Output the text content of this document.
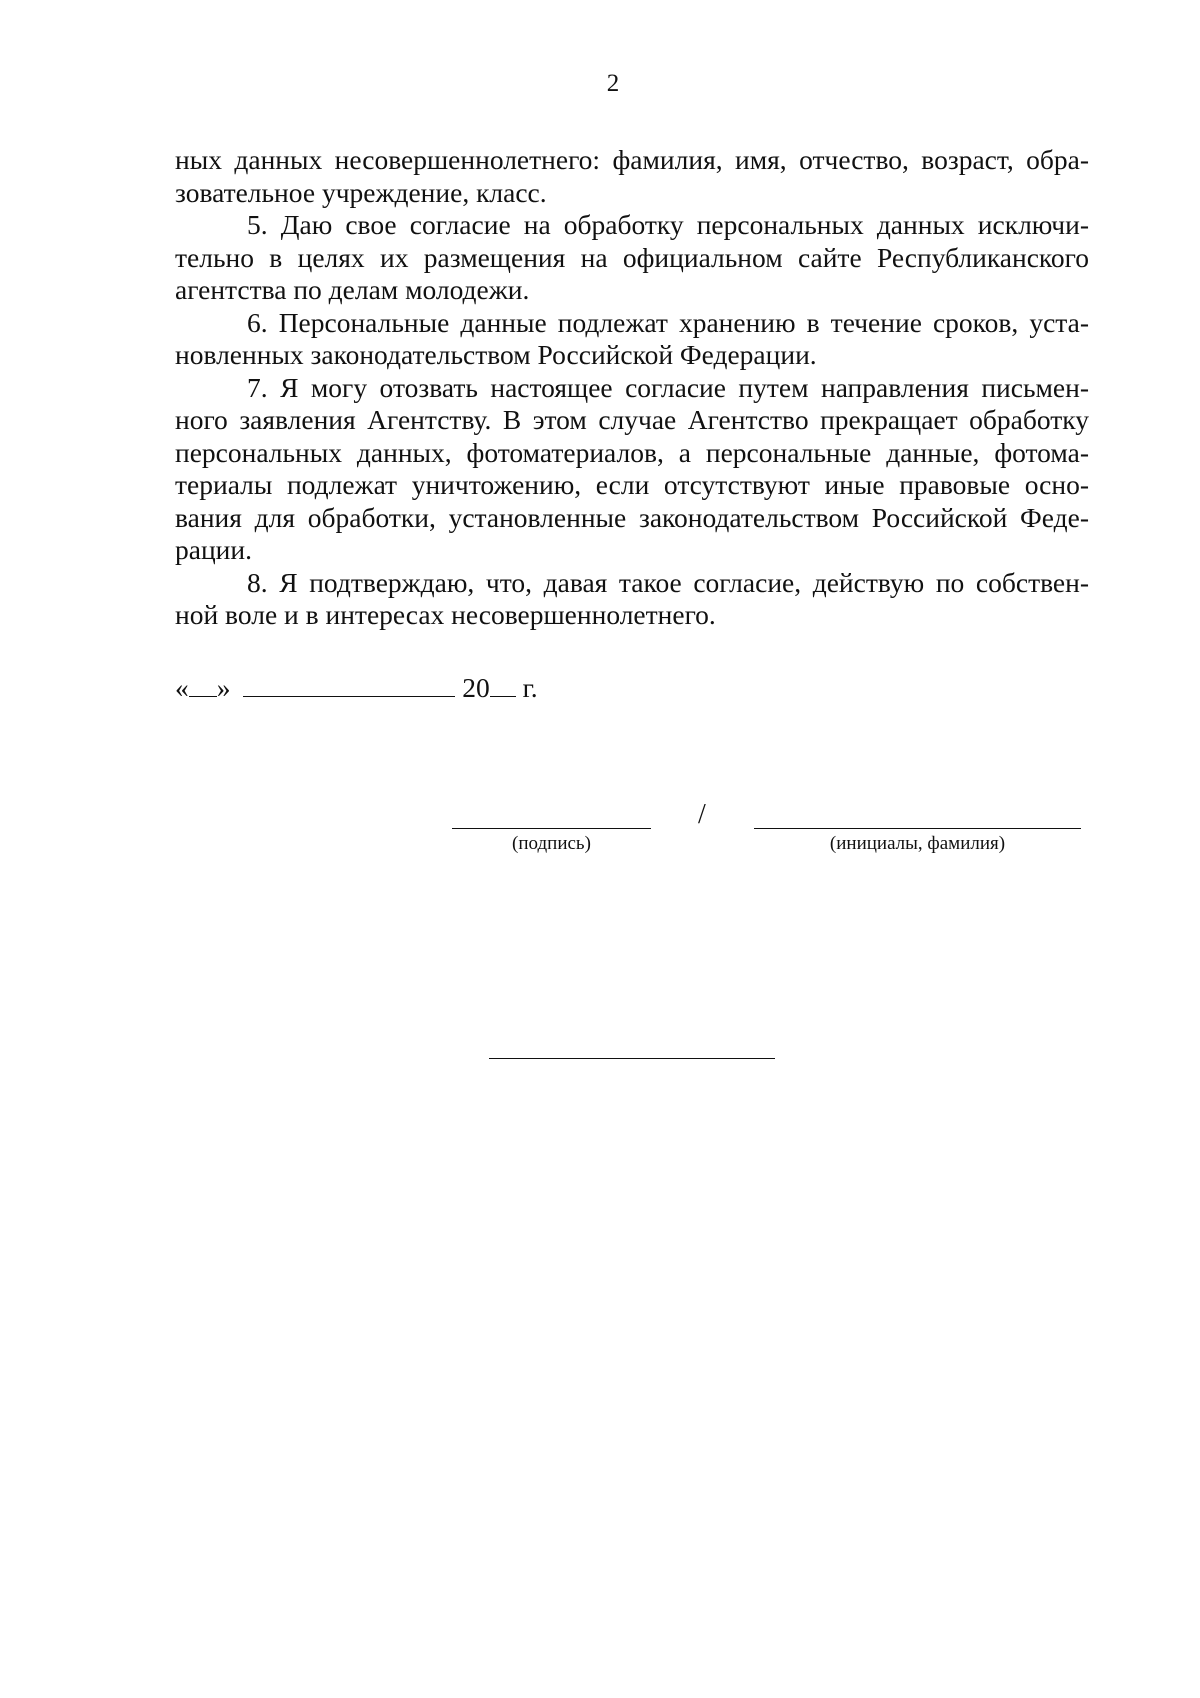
2

ных данных несовершеннолетнего: фамилия, имя, отчество, возраст, обра-

зовательное учреждение, класс.

5. Даю свое согласие на обработку персональных данных исключи-

тельно в целях их размещения на официальном сайте Республиканского

агентства по делам молодежи.

6. Персональные данные подлежат хранению в течение сроков, уста-

новленных законодательством Российской Федерации.

7. Я могу отозвать настоящее согласие путем направления письмен-

ного заявления Агентству. В этом случае Агентство прекращает обработку

персональных данных, фотоматериалов, а персональные данные, фотома-

териалы подлежат уничтожению, если отсутствуют иные правовые осно-

вания для обработки, установленные законодательством Российской Феде-

рации.

8. Я подтверждаю, что, давая такое согласие, действую по собствен-

ной воле и в интересах несовершеннолетнего.

« »	20 г.
/
(подпись)	(инициалы, фамилия)
